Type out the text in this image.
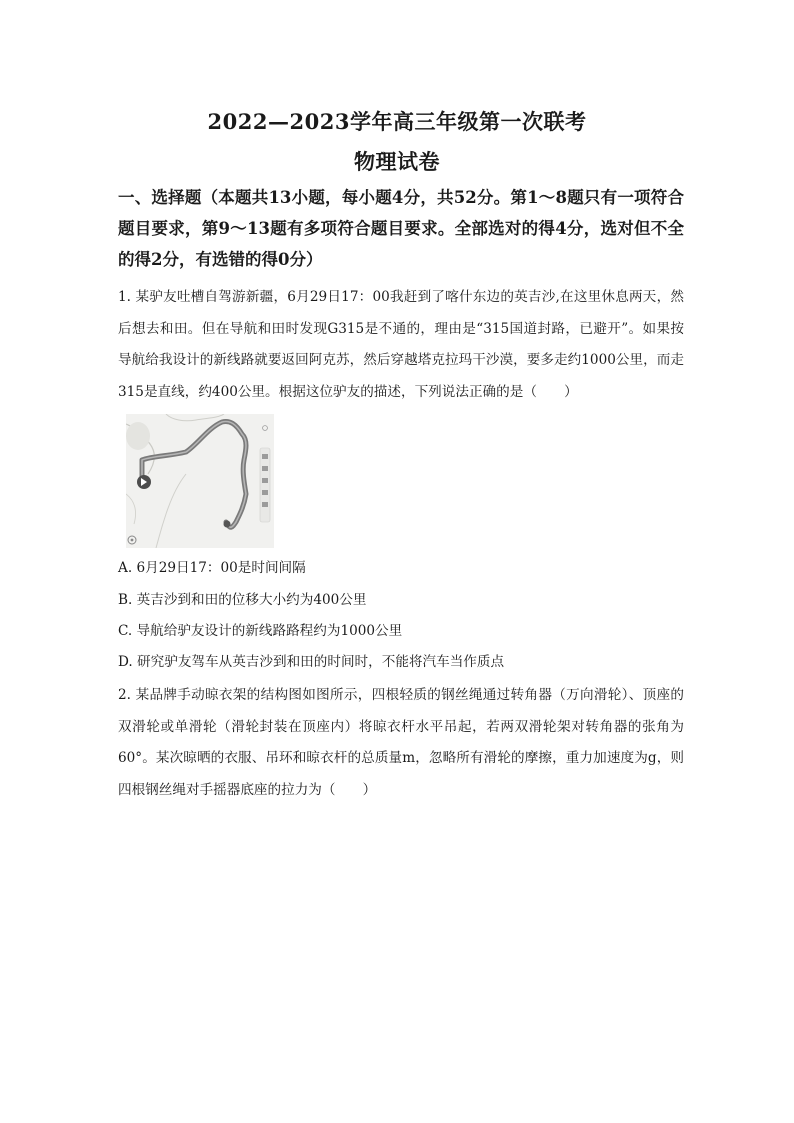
2022—2023学年高三年级第一次联考
物理试卷
一、选择题（本题共13小题，每小题4分，共52分。第1～8题只有一项符合题目要求，第9～13题有多项符合题目要求。全部选对的得4分，选对但不全的得2分，有选错的得0分）
1. 某驴友吐槽自驾游新疆，6月29日17：00我赶到了喀什东边的英吉沙,在这里休息两天，然后想去和田。但在导航和田时发现G315是不通的，理由是“315国道封路，已避开”。如果按导航给我设计的新线路就要返回阿克苏，然后穿越塔克拉玛干沙漠，要多走约1000公里，而走315是直线，约400公里。根据这位驴友的描述，下列说法正确的是（　　）
A. 6月29日17：00是时间间隔
B. 英吉沙到和田的位移大小约为400公里
C. 导航给驴友设计的新线路路程约为1000公里
D. 研究驴友驾车从英吉沙到和田的时间时，不能将汽车当作质点
2. 某品牌手动晾衣架的结构图如图所示，四根轻质的钢丝绳通过转角器（万向滑轮）、顶座的双滑轮或单滑轮（滑轮封装在顶座内）将晾衣杆水平吊起，若两双滑轮架对转角器的张角为60°。某次晾晒的衣服、吊环和晾衣杆的总质量m，忽略所有滑轮的摩擦，重力加速度为g，则四根钢丝绳对手摇器底座的拉力为（　　）
